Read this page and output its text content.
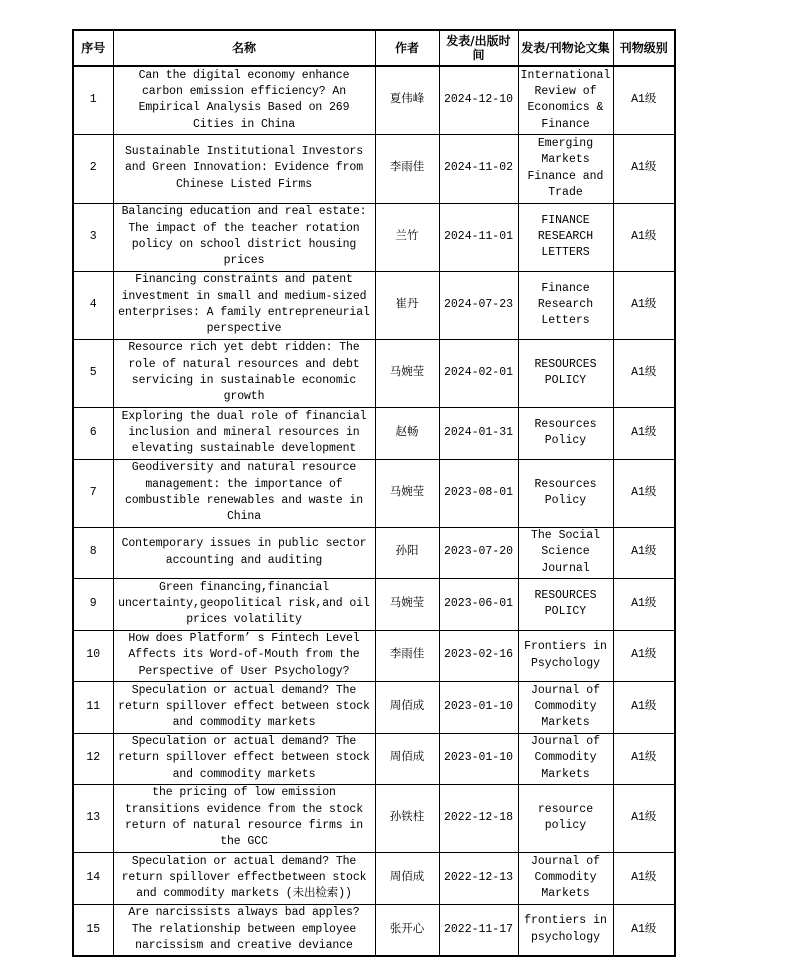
序号	名称	作者	发表/出版时间	发表/刊物论文集	刊物级别
1	Can the digital economy enhance carbon emission efficiency? An Empirical Analysis Based on 269 Cities in China	夏伟峰	2024-12-10	International Review of Economics & Finance	A1级
2	Sustainable Institutional Investors and Green Innovation: Evidence from Chinese Listed Firms	李雨佳	2024-11-02	Emerging Markets Finance and Trade	A1级
3	Balancing education and real estate: The impact of the teacher rotation policy on school district housing prices	兰竹	2024-11-01	FINANCE RESEARCH LETTERS	A1级
4	Financing constraints and patent investment in small and medium-sized enterprises: A family entrepreneurial perspective	崔丹	2024-07-23	Finance Research Letters	A1级
5	Resource rich yet debt ridden: The role of natural resources and debt servicing in sustainable economic growth	马婉莹	2024-02-01	RESOURCES POLICY	A1级
6	Exploring the dual role of financial inclusion and mineral resources in elevating sustainable development	赵畅	2024-01-31	Resources Policy	A1级
7	Geodiversity and natural resource management: the importance of combustible renewables and waste in China	马婉莹	2023-08-01	Resources Policy	A1级
8	Contemporary issues in public sector accounting and auditing	孙阳	2023-07-20	The Social Science Journal	A1级
9	Green financing,financial uncertainty,geopolitical risk,and oil prices volatility	马婉莹	2023-06-01	RESOURCES POLICY	A1级
10	How does Platform’ s Fintech Level Affects its Word-of-Mouth from the Perspective of User Psychology?	李雨佳	2023-02-16	Frontiers in Psychology	A1级
11	Speculation or actual demand? The return spillover effect between stock and commodity markets	周佰成	2023-01-10	Journal of Commodity Markets	A1级
12	Speculation or actual demand? The return spillover effect between stock and commodity markets	周佰成	2023-01-10	Journal of Commodity Markets	A1级
13	the pricing of low emission transitions evidence from the stock return of natural resource firms in the GCC	孙铁柱	2022-12-18	resource policy	A1级
14	Speculation or actual demand? The return spillover effectbetween stock and commodity markets (未出检索))	周佰成	2022-12-13	Journal of Commodity Markets	A1级
15	Are narcissists always bad apples? The relationship between employee narcissism and creative deviance	张开心	2022-11-17	frontiers in psychology	A1级
